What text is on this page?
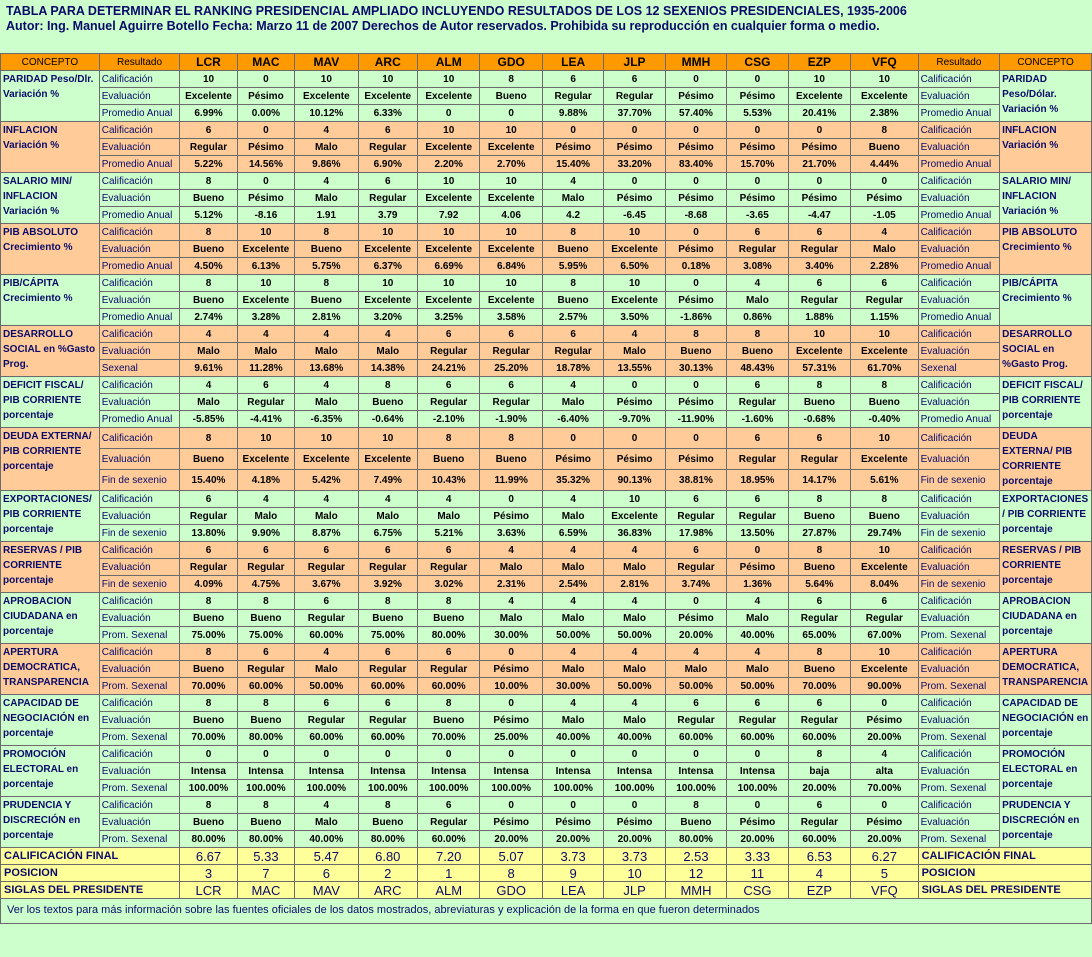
TABLA PARA DETERMINAR EL RANKING PRESIDENCIAL AMPLIADO INCLUYENDO RESULTADOS DE LOS 12 SEXENIOS PRESIDENCIALES, 1935-2006
Autor: Ing. Manuel Aguirre Botello Fecha: Marzo 11 de 2007 Derechos de Autor reservados. Prohibida su reproducción en cualquier forma o medio.
CONCEPTO	Resultado	LCR	MAC	MAV	ARC	ALM	GDO	LEA	JLP	MMH	CSG	EZP	VFQ	Resultado	CONCEPTO
PARIDAD Peso/Dlr. Variación %	Calificación	10	0	10	10	10	8	6	6	0	0	10	10	Calificación	PARIDAD Peso/Dólar. Variación %
	Evaluación	Excelente	Pésimo	Excelente	Excelente	Excelente	Bueno	Regular	Regular	Pésimo	Pésimo	Excelente	Excelente	Evaluación	
	Promedio Anual	6.99%	0.00%	10.12%	6.33%	0	0	9.88%	37.70%	57.40%	5.53%	20.41%	2.38%	Promedio Anual	
INFLACION Variación %	Calificación	6	0	4	6	10	10	0	0	0	0	0	8	Calificación	INFLACION Variación %
	Evaluación	Regular	Pésimo	Malo	Regular	Excelente	Excelente	Pésimo	Pésimo	Pésimo	Pésimo	Pésimo	Bueno	Evaluación	
	Promedio Anual	5.22%	14.56%	9.86%	6.90%	2.20%	2.70%	15.40%	33.20%	83.40%	15.70%	21.70%	4.44%	Promedio Anual	
SALARIO MIN/ INFLACION Variación %	Calificación	8	0	4	6	10	10	4	0	0	0	0	0	Calificación	SALARIO MIN/ INFLACION Variación %
	Evaluación	Bueno	Pésimo	Malo	Regular	Excelente	Excelente	Malo	Pésimo	Pésimo	Pésimo	Pésimo	Pésimo	Evaluación	
	Promedio Anual	5.12%	-8.16	1.91	3.79	7.92	4.06	4.2	-6.45	-8.68	-3.65	-4.47	-1.05	Promedio Anual	
PIB ABSOLUTO Crecimiento %	Calificación	8	10	8	10	10	10	8	10	0	6	6	4	Calificación	PIB ABSOLUTO Crecimiento %
	Evaluación	Bueno	Excelente	Bueno	Excelente	Excelente	Excelente	Bueno	Excelente	Pésimo	Regular	Regular	Malo	Evaluación	
	Promedio Anual	4.50%	6.13%	5.75%	6.37%	6.69%	6.84%	5.95%	6.50%	0.18%	3.08%	3.40%	2.28%	Promedio Anual	
PIB/CÁPITA Crecimiento %	Calificación	8	10	8	10	10	10	8	10	0	4	6	6	Calificación	PIB/CÁPITA Crecimiento %
	Evaluación	Bueno	Excelente	Bueno	Excelente	Excelente	Excelente	Bueno	Excelente	Pésimo	Malo	Regular	Regular	Evaluación	
	Promedio Anual	2.74%	3.28%	2.81%	3.20%	3.25%	3.58%	2.57%	3.50%	-1.86%	0.86%	1.88%	1.15%	Promedio Anual	
DESARROLLO SOCIAL en %Gasto Prog.	Calificación	4	4	4	4	6	6	6	4	8	8	10	10	Calificación	DESARROLLO SOCIAL en %Gasto Prog.
	Evaluación	Malo	Malo	Malo	Malo	Regular	Regular	Regular	Malo	Bueno	Bueno	Excelente	Excelente	Evaluación	
	Sexenal	9.61%	11.28%	13.68%	14.38%	24.21%	25.20%	18.78%	13.55%	30.13%	48.43%	57.31%	61.70%	Sexenal	
DEFICIT FISCAL/ PIB CORRIENTE porcentaje	Calificación	4	6	4	8	6	6	4	0	0	6	8	8	Calificación	DEFICIT FISCAL/ PIB CORRIENTE porcentaje
	Evaluación	Malo	Regular	Malo	Bueno	Regular	Regular	Malo	Pésimo	Pésimo	Regular	Bueno	Bueno	Evaluación	
	Promedio Anual	-5.85%	-4.41%	-6.35%	-0.64%	-2.10%	-1.90%	-6.40%	-9.70%	-11.90%	-1.60%	-0.68%	-0.40%	Promedio Anual	
DEUDA EXTERNA/ PIB CORRIENTE porcentaje	Calificación	8	10	10	10	8	8	0	0	0	6	6	10	Calificación	DEUDA EXTERNA/ PIB CORRIENTE porcentaje
	Evaluación	Bueno	Excelente	Excelente	Excelente	Bueno	Bueno	Pésimo	Pésimo	Pésimo	Regular	Regular	Excelente	Evaluación	
	Fin de sexenio	15.40%	4.18%	5.42%	7.49%	10.43%	11.99%	35.32%	90.13%	38.81%	18.95%	14.17%	5.61%	Fin de sexenio	
EXPORTACIONES/ PIB CORRIENTE porcentaje	Calificación	6	4	4	4	4	0	4	10	6	6	8	8	Calificación	EXPORTACIONES / PIB CORRIENTE porcentaje
	Evaluación	Regular	Malo	Malo	Malo	Malo	Pésimo	Malo	Excelente	Regular	Regular	Bueno	Bueno	Evaluación	
	Fin de sexenio	13.80%	9.90%	8.87%	6.75%	5.21%	3.63%	6.59%	36.83%	17.98%	13.50%	27.87%	29.74%	Fin de sexenio	
RESERVAS / PIB CORRIENTE porcentaje	Calificación	6	6	6	6	6	4	4	4	6	0	8	10	Calificación	RESERVAS / PIB CORRIENTE porcentaje
	Evaluación	Regular	Regular	Regular	Regular	Regular	Malo	Malo	Malo	Regular	Pésimo	Bueno	Excelente	Evaluación	
	Fin de sexenio	4.09%	4.75%	3.67%	3.92%	3.02%	2.31%	2.54%	2.81%	3.74%	1.36%	5.64%	8.04%	Fin de sexenio	
APROBACION CIUDADANA en porcentaje	Calificación	8	8	6	8	8	4	4	4	0	4	6	6	Calificación	APROBACION CIUDADANA en porcentaje
	Evaluación	Bueno	Bueno	Regular	Bueno	Bueno	Malo	Malo	Malo	Pésimo	Malo	Regular	Regular	Evaluación	
	Prom. Sexenal	75.00%	75.00%	60.00%	75.00%	80.00%	30.00%	50.00%	50.00%	20.00%	40.00%	65.00%	67.00%	Prom. Sexenal	
APERTURA DEMOCRATICA, TRANSPARENCIA	Calificación	8	6	4	6	6	0	4	4	4	4	8	10	Calificación	APERTURA DEMOCRATICA, TRANSPARENCIA
	Evaluación	Bueno	Regular	Malo	Regular	Regular	Pésimo	Malo	Malo	Malo	Malo	Bueno	Excelente	Evaluación	
	Prom. Sexenal	70.00%	60.00%	50.00%	60.00%	60.00%	10.00%	30.00%	50.00%	50.00%	50.00%	70.00%	90.00%	Prom. Sexenal	
CAPACIDAD DE NEGOCIACIÓN en porcentaje	Calificación	8	8	6	6	8	0	4	4	6	6	6	0	Calificación	CAPACIDAD DE NEGOCIACIÓN en porcentaje
	Evaluación	Bueno	Bueno	Regular	Regular	Bueno	Pésimo	Malo	Malo	Regular	Regular	Regular	Pésimo	Evaluación	
	Prom. Sexenal	70.00%	80.00%	60.00%	60.00%	70.00%	25.00%	40.00%	40.00%	60.00%	60.00%	60.00%	20.00%	Prom. Sexenal	
PROMOCIÓN ELECTORAL en porcentaje	Calificación	0	0	0	0	0	0	0	0	0	0	8	4	Calificación	PROMOCIÓN ELECTORAL en porcentaje
	Evaluación	Intensa	Intensa	Intensa	Intensa	Intensa	Intensa	Intensa	Intensa	Intensa	Intensa	baja	alta	Evaluación	
	Prom. Sexenal	100.00%	100.00%	100.00%	100.00%	100.00%	100.00%	100.00%	100.00%	100.00%	100.00%	20.00%	70.00%	Prom. Sexenal	
PRUDENCIA Y DISCRECIÓN en porcentaje	Calificación	8	8	4	8	6	0	0	0	8	0	6	0	Calificación	PRUDENCIA Y DISCRECIÓN en porcentaje
	Evaluación	Bueno	Bueno	Malo	Bueno	Regular	Pésimo	Pésimo	Pésimo	Bueno	Pésimo	Regular	Pésimo	Evaluación	
	Prom. Sexenal	80.00%	80.00%	40.00%	80.00%	60.00%	20.00%	20.00%	20.00%	80.00%	20.00%	60.00%	20.00%	Prom. Sexenal	
CALIFICACIÓN FINAL		6.67	5.33	5.47	6.80	7.20	5.07	3.73	3.73	2.53	3.33	6.53	6.27	CALIFICACIÓN FINAL	
POSICION		3	7	6	2	1	8	9	10	12	11	4	5	POSICION	
SIGLAS DEL PRESIDENTE		LCR	MAC	MAV	ARC	ALM	GDO	LEA	JLP	MMH	CSG	EZP	VFQ	SIGLAS DEL PRESIDENTE	
Ver los textos para más información sobre las fuentes oficiales de los datos mostrados, abreviaturas y explicación de la forma en que fueron determinados															
